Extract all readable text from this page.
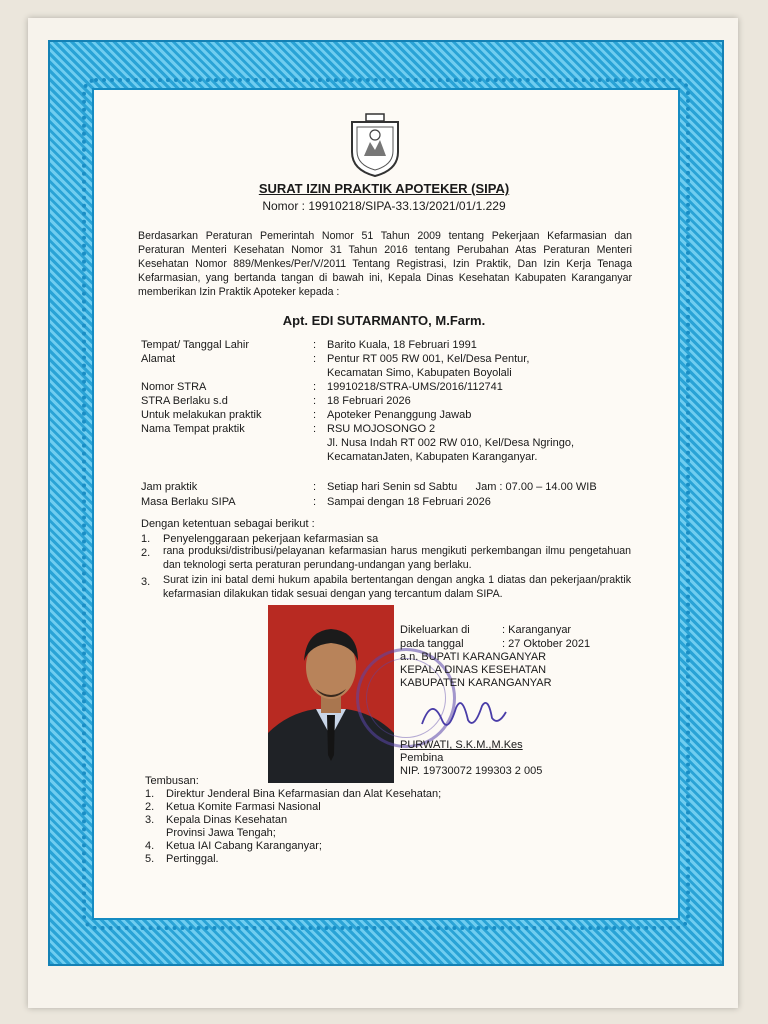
SURAT IZIN PRAKTIK APOTEKER (SIPA)
Nomor : 19910218/SIPA-33.13/2021/01/1.229
Berdasarkan Peraturan Pemerintah Nomor 51 Tahun 2009 tentang Pekerjaan Kefarmasian dan Peraturan Menteri Kesehatan Nomor 31 Tahun 2016 tentang Perubahan Atas Peraturan Menteri Kesehatan Nomor 889/Menkes/Per/V/2011 Tentang Registrasi, Izin Praktik, Dan Izin Kerja Tenaga Kefarmasian, yang bertanda tangan di bawah ini, Kepala Dinas Kesehatan Kabupaten Karanganyar memberikan Izin Praktik Apoteker kepada :
Apt. EDI SUTARMANTO, M.Farm.
Tempat/ Tanggal Lahir	: Barito Kuala, 18 Februari 1991
Alamat	: Pentur RT 005 RW 001, Kel/Desa Pentur,
Kecamatan Simo, Kabupaten Boyolali
Nomor STRA	: 19910218/STRA-UMS/2016/112741
STRA Berlaku s.d	: 18 Februari 2026
Untuk melakukan praktik	: Apoteker Penanggung Jawab
Nama Tempat praktik	: RSU MOJOSONGO 2
Jl. Nusa Indah RT 002 RW 010, Kel/Desa Ngringo,
KecamatanJaten, Kabupaten Karanganyar.
Jam praktik	: Setiap hari Senin sd Sabtu      Jam : 07.00 – 14.00 WIB
Masa Berlaku SIPA	: Sampai dengan 18 Februari 2026
Dengan ketentuan sebagai berikut :
1. Penyelenggaraan pekerjaan kefarmasian sa
2. rana produksi/distribusi/pelayanan kefarmasian harus mengikuti perkembangan ilmu pengetahuan dan teknologi serta peraturan perundang-undangan yang berlaku.
3. Surat izin ini batal demi hukum apabila bertentangan dengan angka 1 diatas dan pekerjaan/praktik kefarmasian dilakukan tidak sesuai dengan yang tercantum dalam SIPA.
Dikeluarkan di	: Karanganyar
pada tanggal	: 27 Oktober 2021
a.n. BUPATI KARANGANYAR
KEPALA DINAS KESEHATAN
KABUPATEN KARANGANYAR
PURWATI, S.K.M.,M.Kes
Pembina
NIP. 19730072 199303 2 005
Tembusan:
1. Direktur Jenderal Bina Kefarmasian dan Alat Kesehatan;
2. Ketua Komite Farmasi Nasional
3. Kepala Dinas Kesehatan
Provinsi Jawa Tengah;
4. Ketua IAI Cabang Karanganyar;
5. Pertinggal.
